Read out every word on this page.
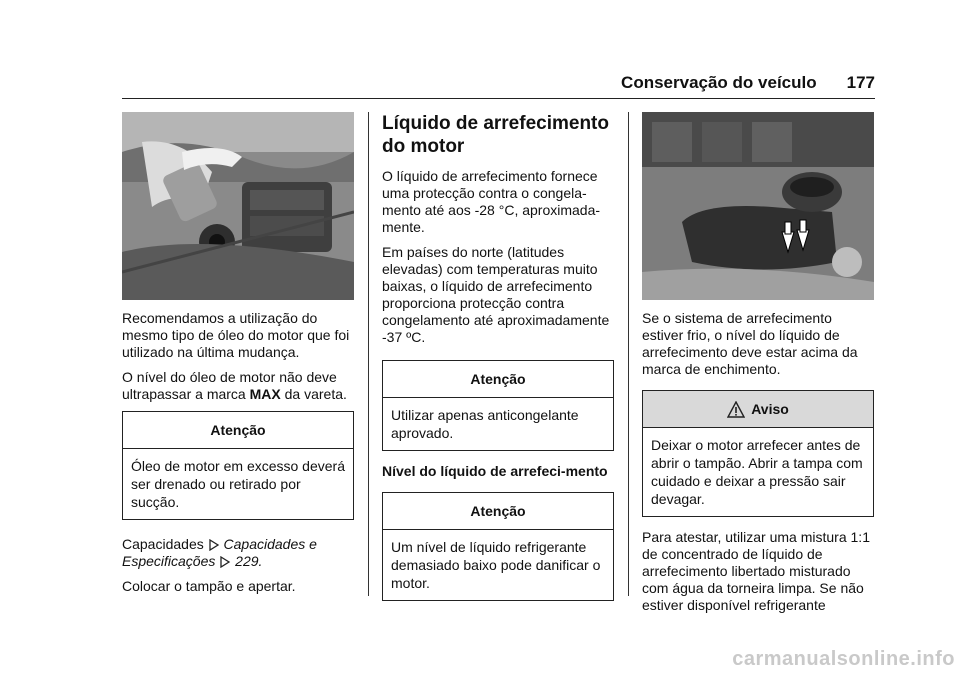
Conservação do veículo 177

Recomendamos a utilização do mesmo tipo de óleo do motor que foi utilizado na última mudança.

O nível do óleo de motor não deve ultrapassar a marca MAX da vareta.

Atenção
Óleo de motor em excesso deverá ser drenado ou retirado por sucção.

Capacidades Capacidades e Especificações 229.

Colocar o tampão e apertar.

Líquido de arrefecimento do motor

O líquido de arrefecimento fornece uma protecção contra o congela-mento até aos -28 °C, aproximada-mente.

Em países do norte (latitudes elevadas) com temperaturas muito baixas, o líquido de arrefecimento proporciona protecção contra congelamento até aproximadamente -37 ºC.

Atenção
Utilizar apenas anticongelante aprovado.
Nível do líquido de arrefeci-mento
Atenção
Um nível de líquido refrigerante demasiado baixo pode danificar o motor.

Se o sistema de arrefecimento estiver frio, o nível do líquido de arrefecimento deve estar acima da marca de enchimento.

Aviso
Deixar o motor arrefecer antes de abrir o tampão. Abrir a tampa com cuidado e deixar a pressão sair devagar.

Para atestar, utilizar uma mistura 1:1 de concentrado de líquido de arrefecimento libertado misturado com água da torneira limpa. Se não estiver disponível refrigerante

carmanualsonline.info
